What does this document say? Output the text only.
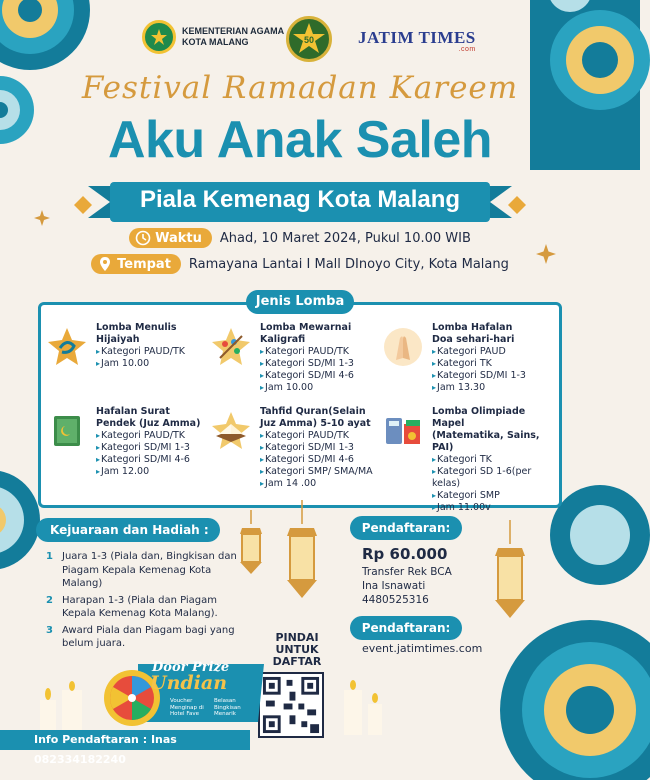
KEMENTERIAN AGAMA
KOTA MALANG	50	JATIM TIMES
.com
Festival Ramadan Kareem
Aku Anak Saleh
Piala Kemenag Kota Malang
Waktu Ahad, 10 Maret 2024, Pukul 10.00 WIB
Tempat Ramayana Lantai I Mall DInoyo City, Kota Malang
Jenis Lomba
Lomba Menulis
Hijaiyah
▸ Kategori PAUD/TK
▸ Jam 10.00
Lomba Mewarnai
Kaligrafi
▸ Kategori PAUD/TK
▸ Kategori SD/MI 1-3
▸ Kategori SD/MI 4-6
▸ Jam 10.00
Lomba Hafalan
Doa sehari-hari
▸ Kategori PAUD
▸ Kategori TK
▸ Kategori SD/MI 1-3
▸ Jam 13.30
Hafalan Surat
Pendek (Juz Amma)
▸ Kategori PAUD/TK
▸ Kategori SD/MI 1-3
▸ Kategori SD/MI 4-6
▸ Jam 12.00
Tahfid Quran(Selain
Juz Amma) 5-10 ayat
▸ Kategori PAUD/TK
▸ Kategori SD/MI 1-3
▸ Kategori SD/MI 4-6
▸ Kategori SMP/ SMA/MA
▸ Jam 14 .00
Lomba Olimpiade Mapel
(Matematika, Sains, PAI)
▸ Kategori TK
▸ Kategori SD 1-6(per kelas)
▸ Kategori SMP
▸ Jam 11.00v
Kejuaraan dan Hadiah :
1 Juara 1-3 (Piala dan, Bingkisan dan Piagam Kepala Kemenag Kota Malang)
2 Harapan 1-3 (Piala dan Piagam Kepala Kemenag Kota Malang).
3 Award Piala dan Piagam bagi yang belum juara.
Pendaftaran:
Rp 60.000
Transfer Rek BCA
Ina Isnawati
4480525316
Pendaftaran:
event.jatimtimes.com
PINDAI
UNTUK
DAFTAR
Door Prize
Undian
Voucher Menginap di Hotel Fave
Belasan Bingkisan Menarik
Info Pendaftaran : Inas 082334182240
